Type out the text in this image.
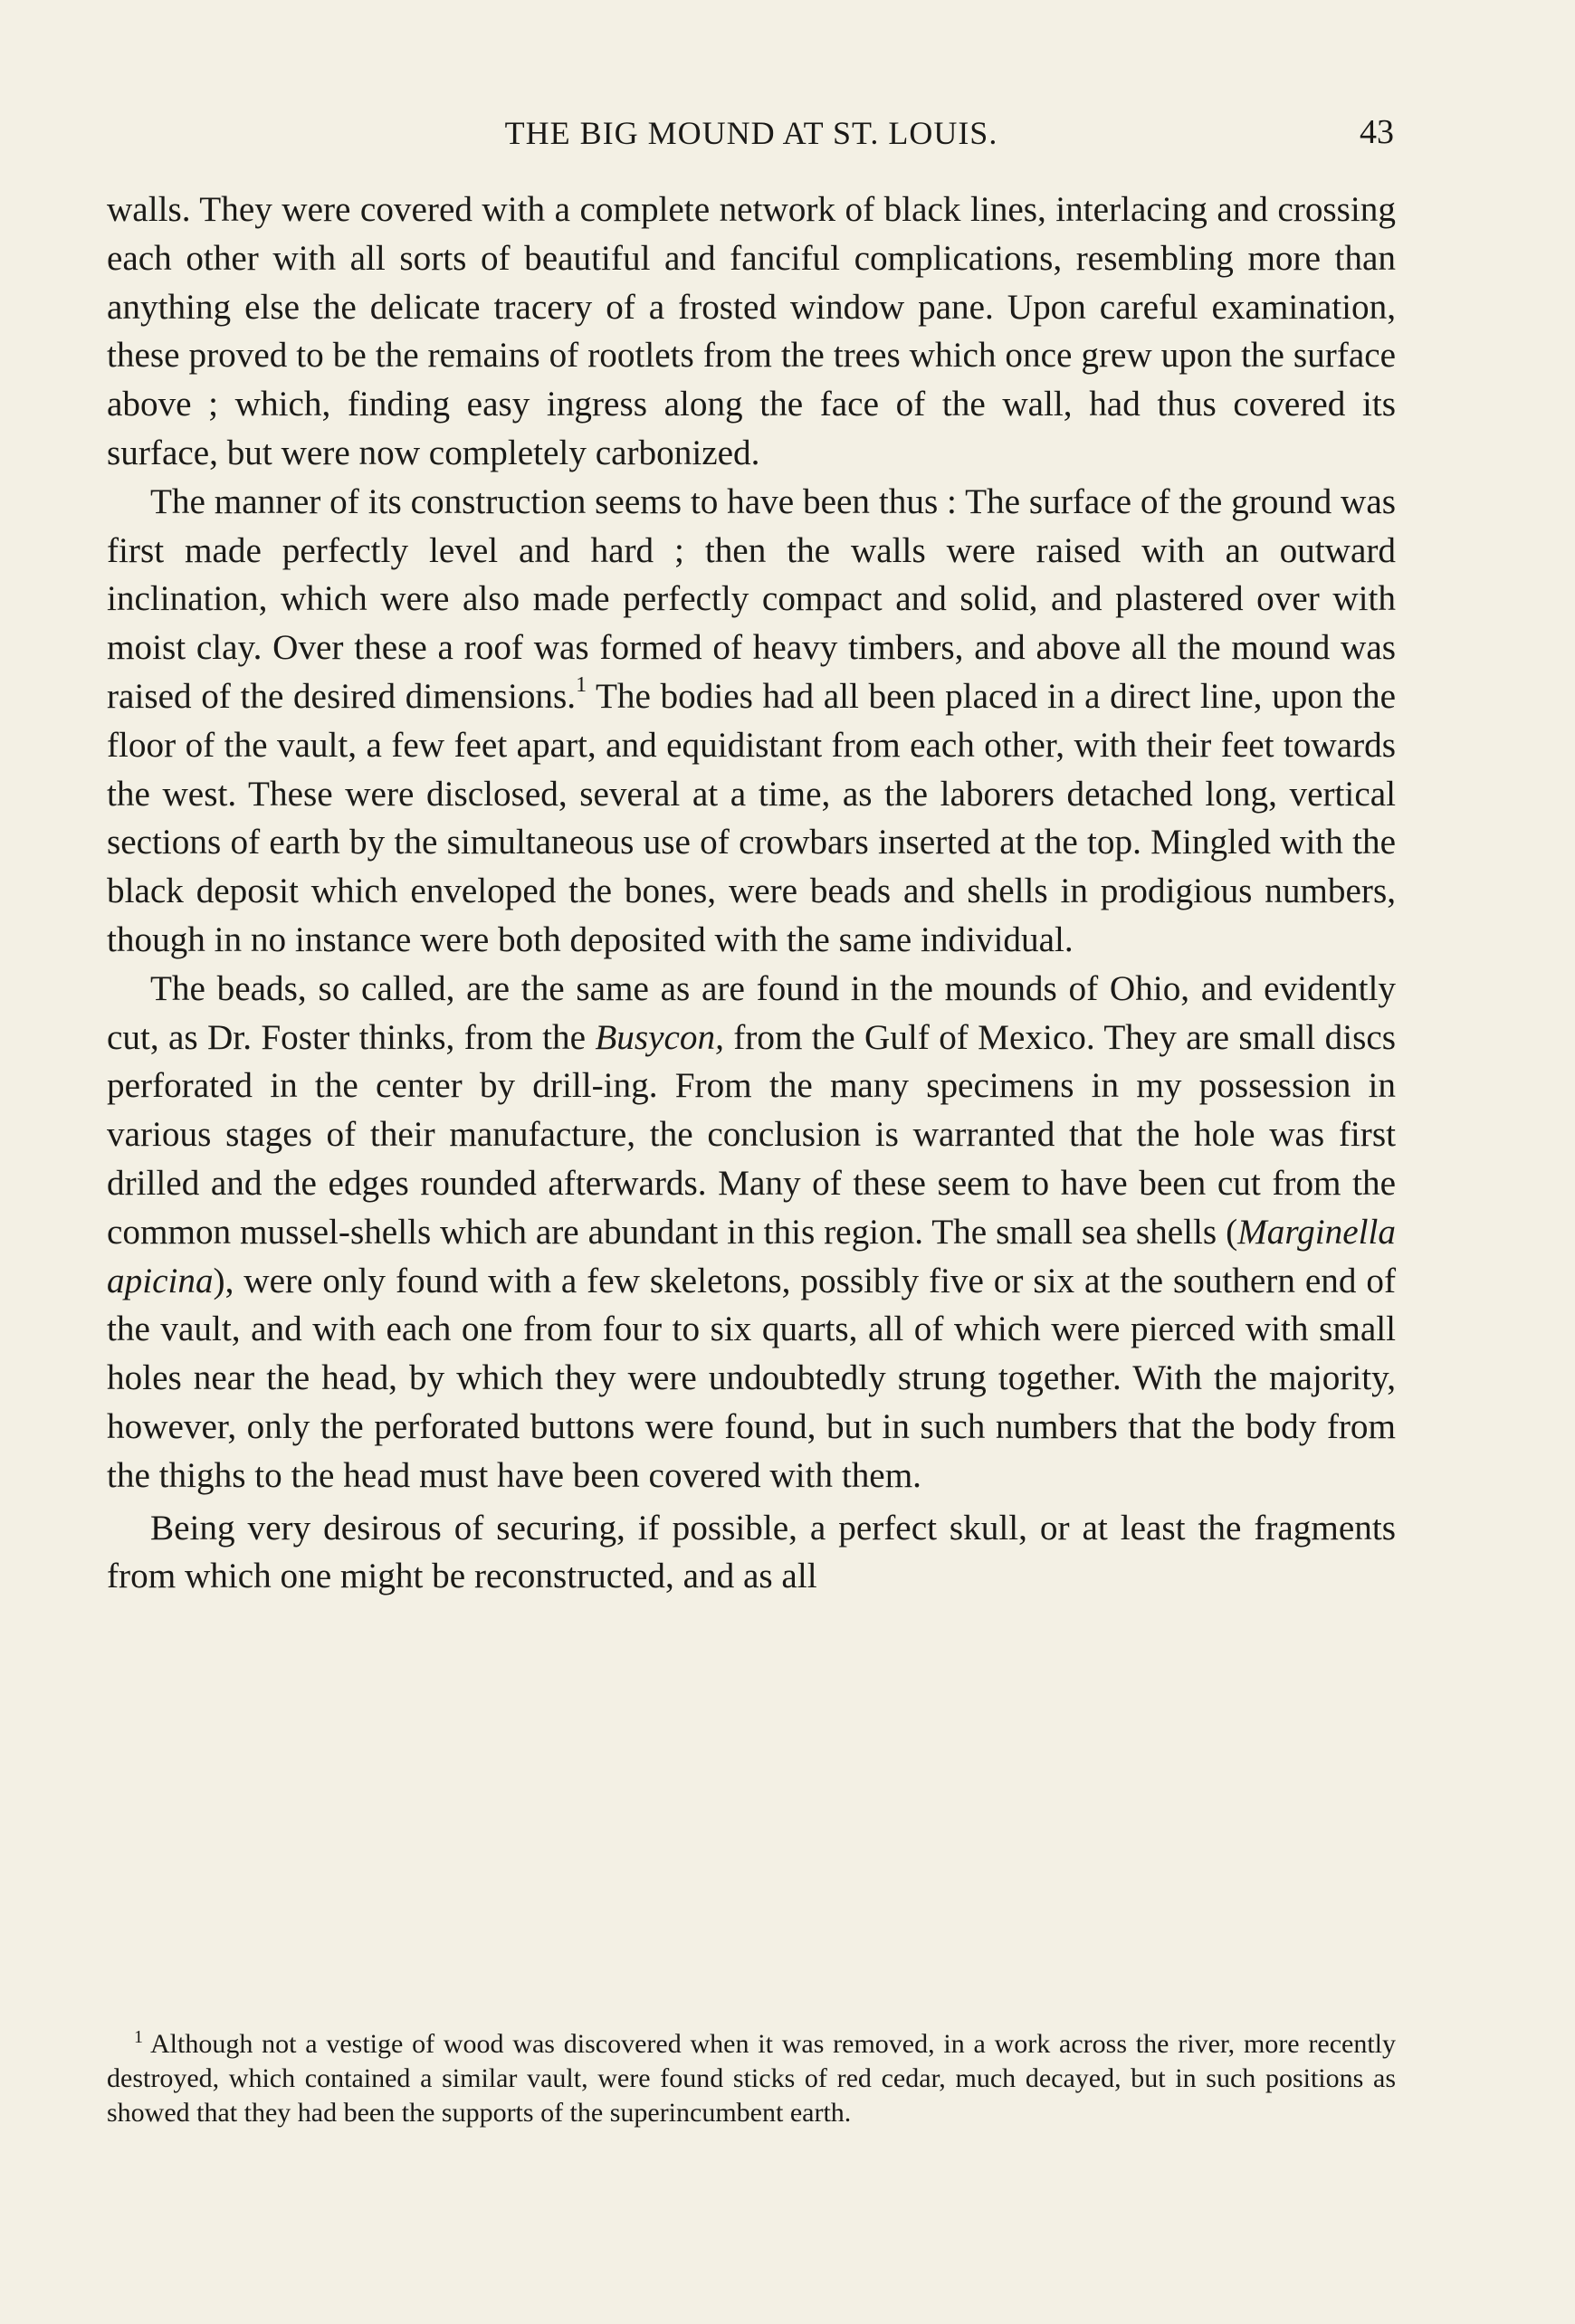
THE BIG MOUND AT ST. LOUIS.	43

walls. They were covered with a complete network of black lines, interlacing and crossing each other with all sorts of beautiful and fanciful complications, resembling more than anything else the delicate tracery of a frosted window pane. Upon careful examination, these proved to be the remains of rootlets from the trees which once grew upon the surface above ; which, finding easy ingress along the face of the wall, had thus covered its surface, but were now completely carbonized.

The manner of its construction seems to have been thus : The surface of the ground was first made perfectly level and hard ; then the walls were raised with an outward inclination, which were also made perfectly compact and solid, and plastered over with moist clay. Over these a roof was formed of heavy timbers, and above all the mound was raised of the desired dimensions.$^1$ The bodies had all been placed in a direct line, upon the floor of the vault, a few feet apart, and equidistant from each other, with their feet towards the west. These were disclosed, several at a time, as the laborers detached long, vertical sections of earth by the simultaneous use of crowbars inserted at the top. Mingled with the black deposit which enveloped the bones, were beads and shells in prodigious numbers, though in no instance were both deposited with the same individual.

The beads, so called, are the same as are found in the mounds of Ohio, and evidently cut, as Dr. Foster thinks, from the Busycon, from the Gulf of Mexico. They are small discs perforated in the center by drill-ing. From the many specimens in my possession in various stages of their manufacture, the conclusion is warranted that the hole was first drilled and the edges rounded afterwards. Many of these seem to have been cut from the common mussel-shells which are abundant in this region. The small sea shells (Marginella apicina), were only found with a few skeletons, possibly five or six at the southern end of the vault, and with each one from four to six quarts, all of which were pierced with small holes near the head, by which they were undoubtedly strung together. With the majority, however, only the perforated buttons were found, but in such numbers that the body from the thighs to the head must have been covered with them.

Being very desirous of securing, if possible, a perfect skull, or at least the fragments from which one might be reconstructed, and as all

$^1$ Although not a vestige of wood was discovered when it was removed, in a work across the river, more recently destroyed, which contained a similar vault, were found sticks of red cedar, much decayed, but in such positions as showed that they had been the supports of the superincumbent earth.
